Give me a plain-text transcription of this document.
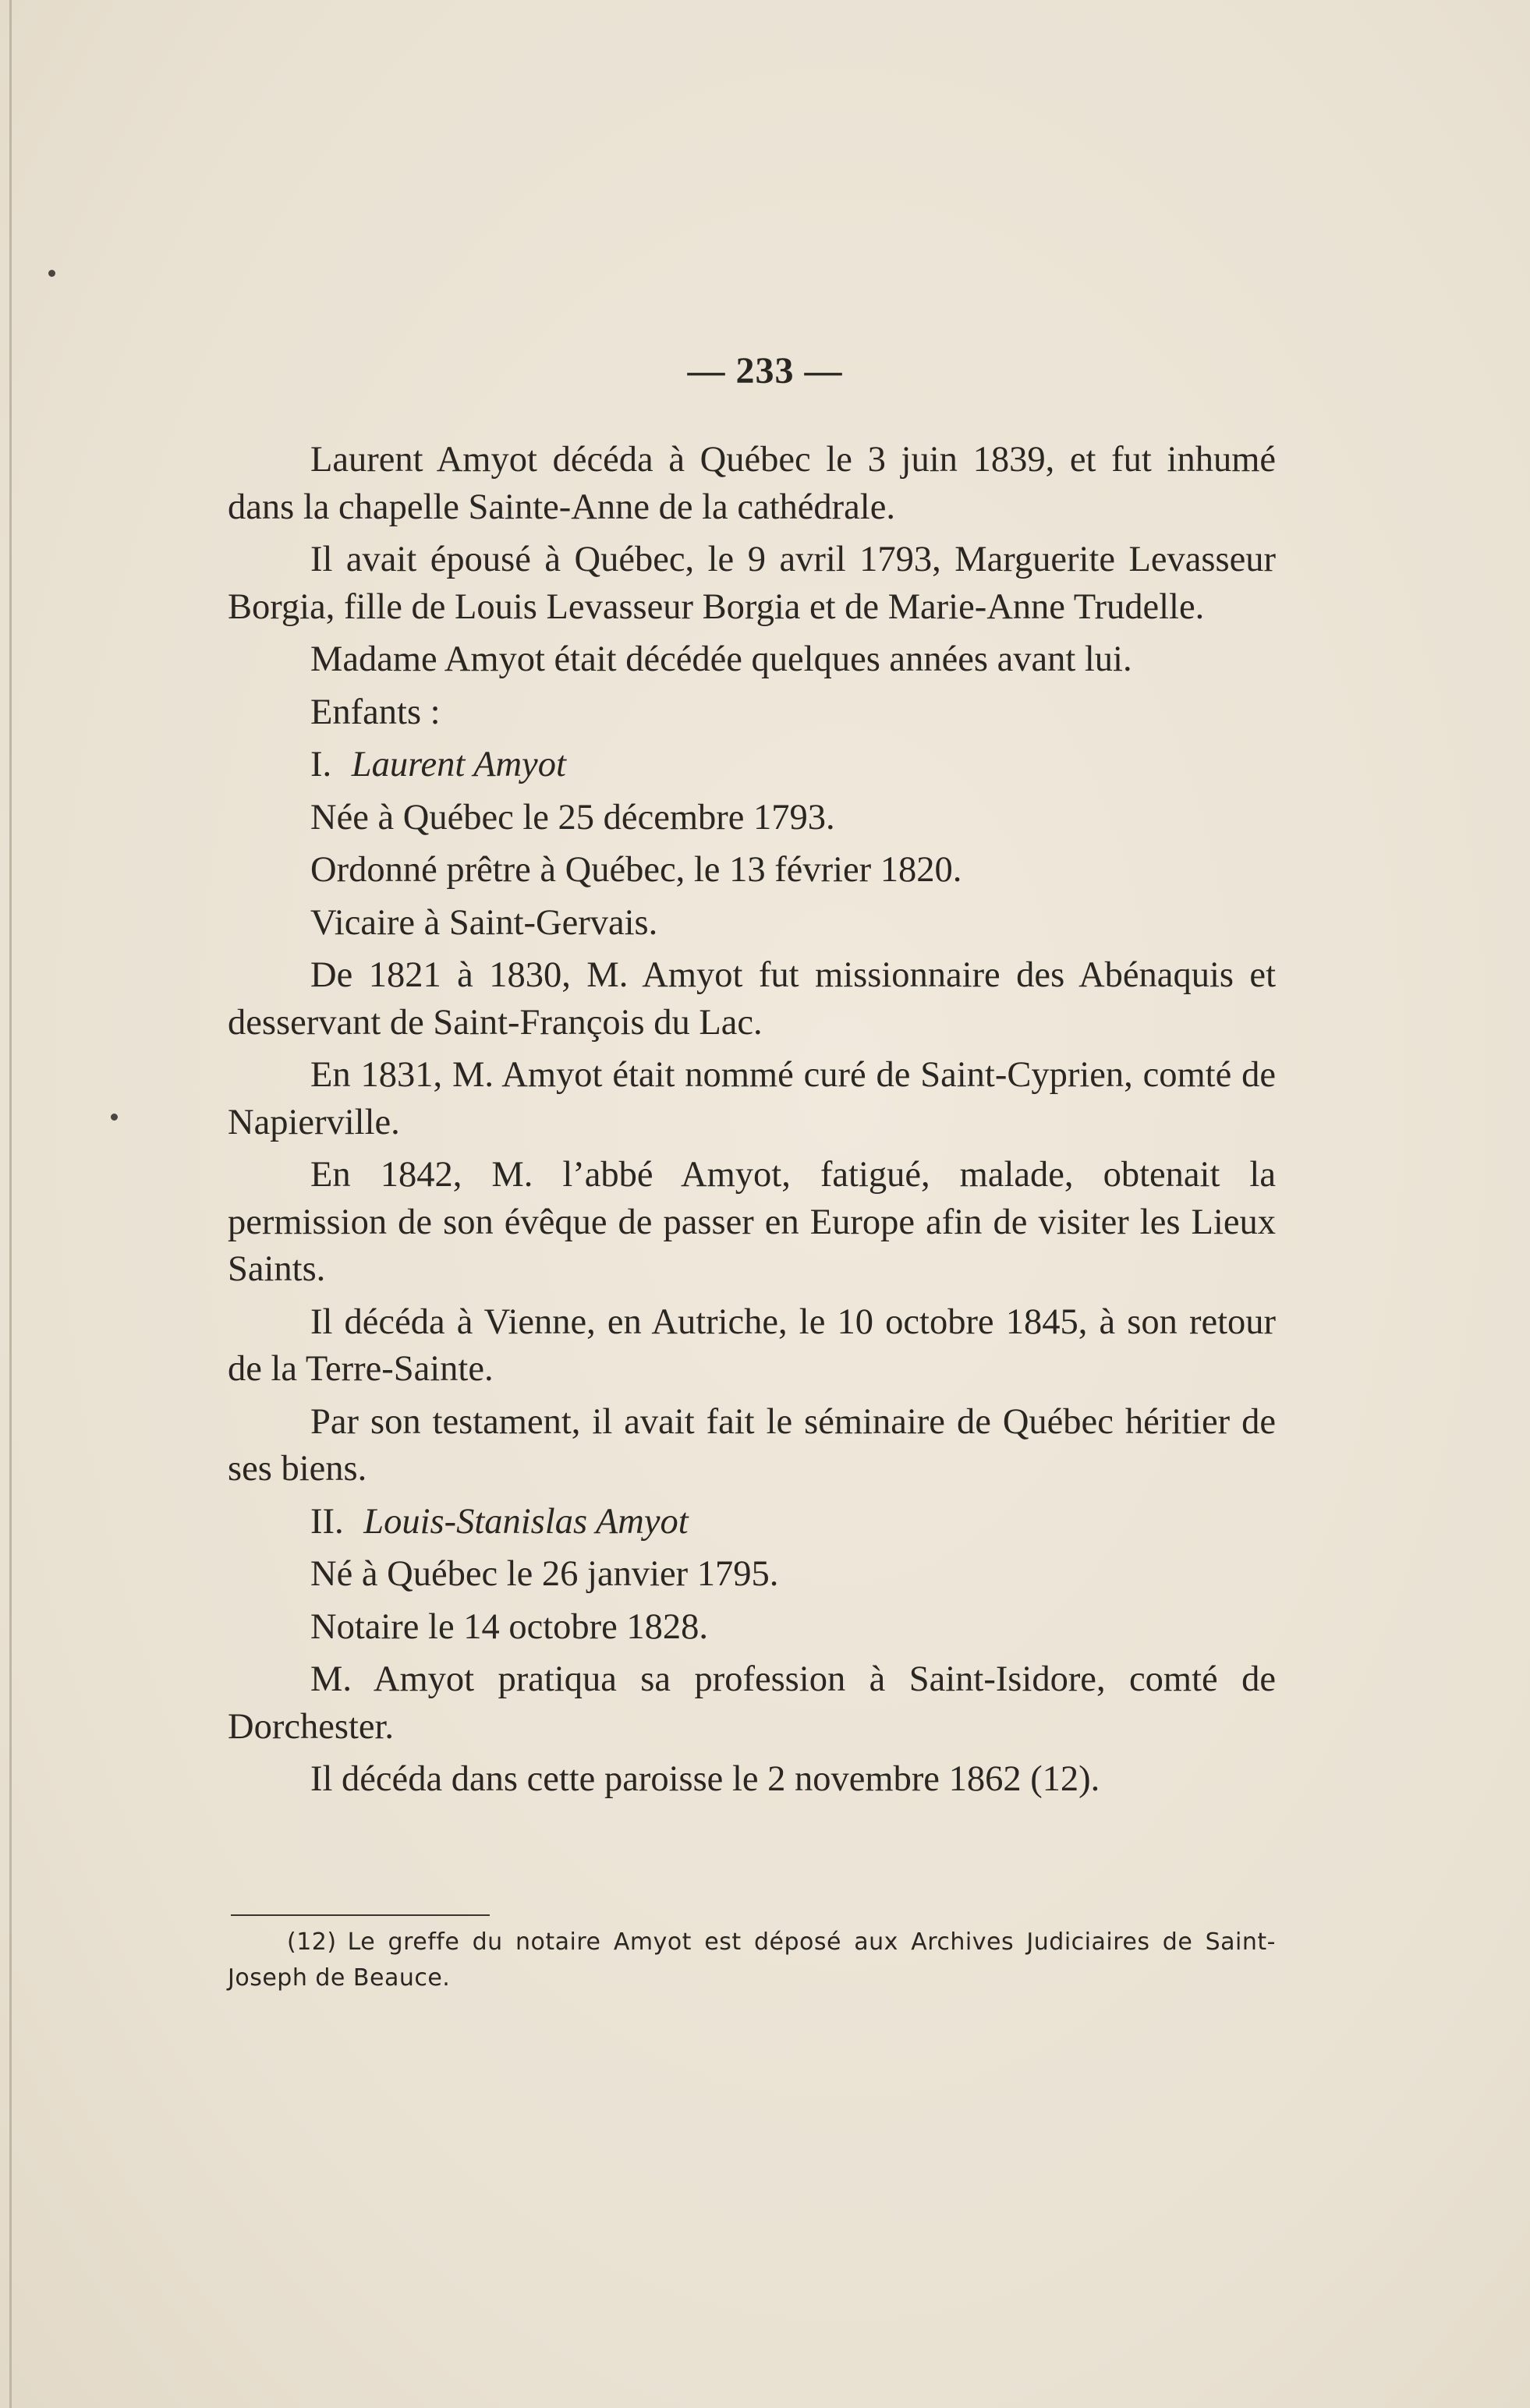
— 233 —

Laurent Amyot décéda à Québec le 3 juin 1839, et fut inhumé dans la chapelle Sainte-Anne de la cathédrale.

Il avait épousé à Québec, le 9 avril 1793, Marguerite Levasseur Borgia, fille de Louis Levasseur Borgia et de Marie-Anne Trudelle.

Madame Amyot était décédée quelques années avant lui.

Enfants :

I. Laurent Amyot

Née à Québec le 25 décembre 1793.

Ordonné prêtre à Québec, le 13 février 1820.

Vicaire à Saint-Gervais.

De 1821 à 1830, M. Amyot fut missionnaire des Abénaquis et desservant de Saint-François du Lac.

En 1831, M. Amyot était nommé curé de Saint-Cyprien, comté de Napierville.

En 1842, M. l’abbé Amyot, fatigué, malade, obtenait la permission de son évêque de passer en Europe afin de visiter les Lieux Saints.

Il décéda à Vienne, en Autriche, le 10 octobre 1845, à son retour de la Terre-Sainte.

Par son testament, il avait fait le séminaire de Québec héritier de ses biens.

II. Louis-Stanislas Amyot

Né à Québec le 26 janvier 1795.

Notaire le 14 octobre 1828.

M. Amyot pratiqua sa profession à Saint-Isidore, comté de Dorchester.

Il décéda dans cette paroisse le 2 novembre 1862 (12).

(12) Le greffe du notaire Amyot est déposé aux Archives Judiciaires de Saint-Joseph de Beauce.
